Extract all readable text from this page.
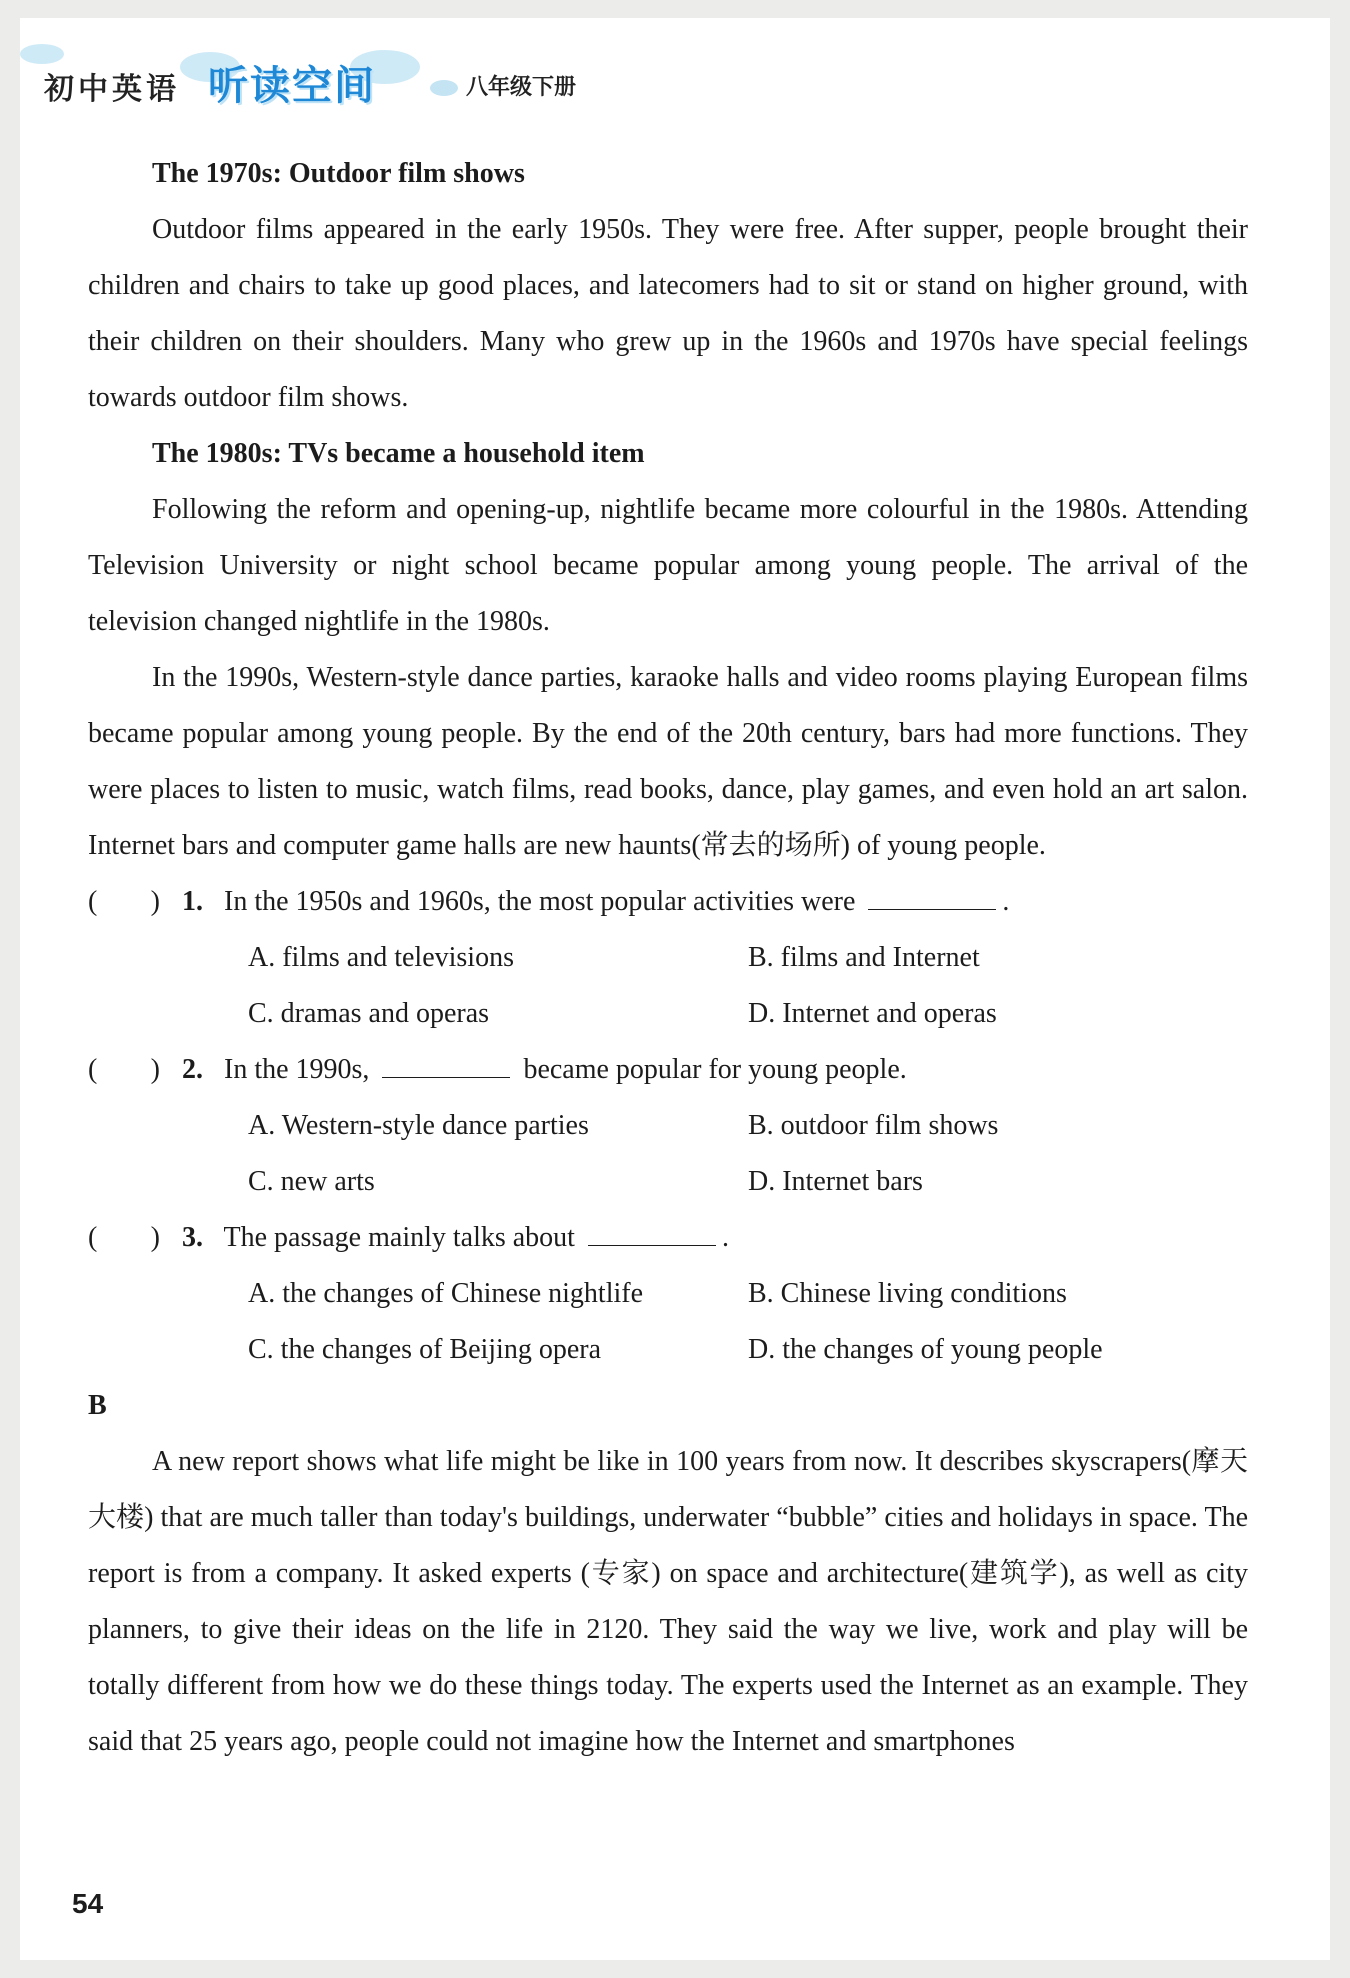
初中英语 听读空间	八年级下册

The 1970s: Outdoor film shows

Outdoor films appeared in the early 1950s. They were free. After supper, people brought their children and chairs to take up good places, and latecomers had to sit or stand on higher ground, with their children on their shoulders. Many who grew up in the 1960s and 1970s have special feelings towards outdoor film shows.

The 1980s: TVs became a household item

Following the reform and opening-up, nightlife became more colourful in the 1980s. Attending Television University or night school became popular among young people. The arrival of the television changed nightlife in the 1980s.

In the 1990s, Western-style dance parties, karaoke halls and video rooms playing European films became popular among young people. By the end of the 20th century, bars had more functions. They were places to listen to music, watch films, read books, dance, play games, and even hold an art salon. Internet bars and computer game halls are new haunts(常去的场所) of young people.

( ) 1. In the 1950s and 1960s, the most popular activities were	.
A. films and televisions	B. films and Internet
C. dramas and operas	D. Internet and operas
( ) 2. In the 1990s,	became popular for young people.
A. Western-style dance parties	B. outdoor film shows
C. new arts	D. Internet bars
( ) 3. The passage mainly talks about	.
A. the changes of Chinese nightlife	B. Chinese living conditions
C. the changes of Beijing opera	D. the changes of young people

B

A new report shows what life might be like in 100 years from now. It describes skyscrapers(摩天大楼) that are much taller than today's buildings, underwater “bubble” cities and holidays in space. The report is from a company. It asked experts (专家) on space and architecture(建筑学), as well as city planners, to give their ideas on the life in 2120. They said the way we live, work and play will be totally different from how we do these things today. The experts used the Internet as an example. They said that 25 years ago, people could not imagine how the Internet and smartphones

54
